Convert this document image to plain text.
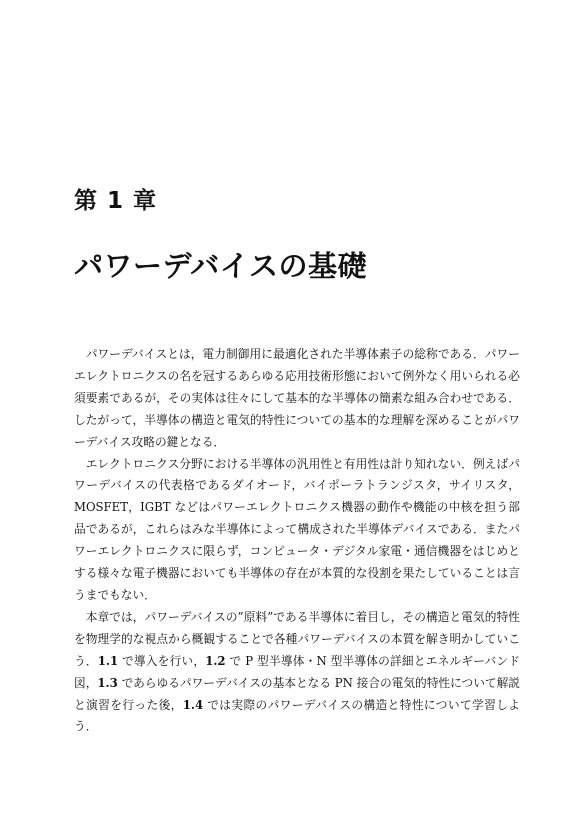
第 1 章
パワーデバイスの基礎

パワーデバイスとは，電力制御用に最適化された半導体素子の総称である．パワーエレクトロニクスの名を冠するあらゆる応用技術形態において例外なく用いられる必須要素であるが，その実体は往々にして基本的な半導体の簡素な組み合わせである．したがって，半導体の構造と電気的特性についての基本的な理解を深めることがパワーデバイス攻略の鍵となる．

エレクトロニクス分野における半導体の汎用性と有用性は計り知れない．例えばパワーデバイスの代表格であるダイオード，バイポーラトランジスタ，サイリスタ，MOSFET，IGBT などはパワーエレクトロニクス機器の動作や機能の中核を担う部品であるが，これらはみな半導体によって構成された半導体デバイスである．またパワーエレクトロニクスに限らず，コンピュータ・デジタル家電・通信機器をはじめとする様々な電子機器においても半導体の存在が本質的な役割を果たしていることは言うまでもない．

本章では，パワーデバイスの”原料”である半導体に着目し，その構造と電気的特性を物理学的な視点から概観することで各種パワーデバイスの本質を解き明かしていこう．1.1 で導入を行い，1.2 で P 型半導体・N 型半導体の詳細とエネルギーバンド図，1.3 であらゆるパワーデバイスの基本となる PN 接合の電気的特性について解説と演習を行った後，1.4 では実際のパワーデバイスの構造と特性について学習しよう．
